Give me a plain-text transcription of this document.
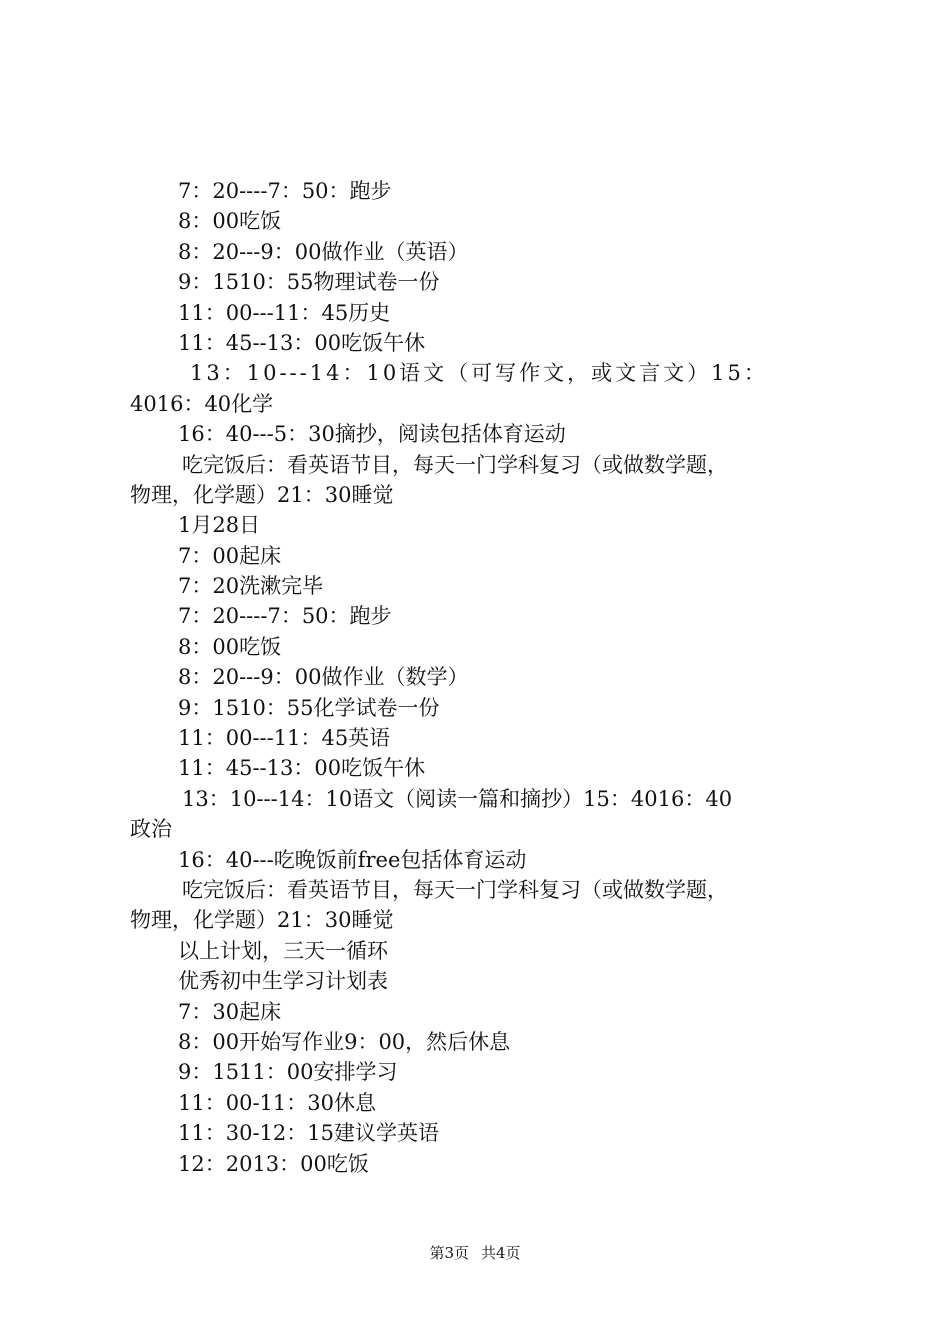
7：20----7：50：跑步
8：00吃饭
8：20---9：00做作业（英语）
9：1510：55物理试卷一份
11：00---11：45历史
11：45--13：00吃饭午休
13：10---14：10语文（可写作文，或文言文）15：
4016：40化学
16：40---5：30摘抄，阅读包括体育运动
吃完饭后：看英语节目，每天一门学科复习（或做数学题，
物理，化学题）21：30睡觉
1月28日
7：00起床
7：20洗漱完毕
7：20----7：50：跑步
8：00吃饭
8：20---9：00做作业（数学）
9：1510：55化学试卷一份
11：00---11：45英语
11：45--13：00吃饭午休
13：10---14：10语文（阅读一篇和摘抄）15：4016：40
政治
16：40---吃晚饭前free包括体育运动
吃完饭后：看英语节目，每天一门学科复习（或做数学题，
物理，化学题）21：30睡觉
以上计划，三天一循环
优秀初中生学习计划表
7：30起床
8：00开始写作业9：00，然后休息
9：1511：00安排学习
11：00-11：30休息
11：30-12：15建议学英语
12：2013：00吃饭
第3页 共4页
